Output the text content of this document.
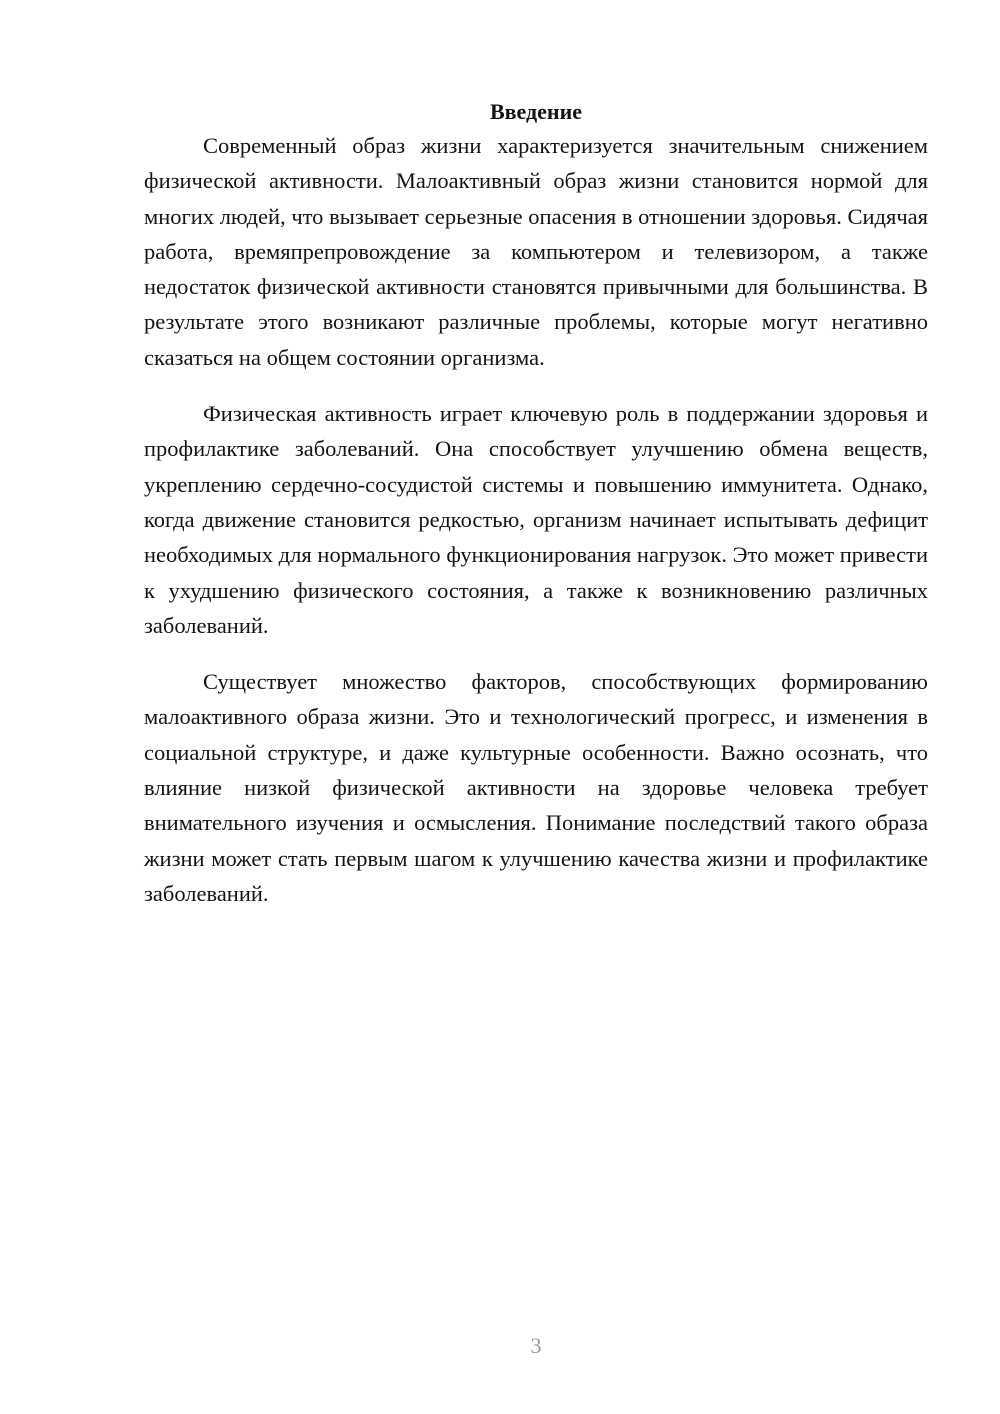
Введение

Современный образ жизни характеризуется значительным снижением физической активности. Малоактивный образ жизни становится нормой для многих людей, что вызывает серьезные опасения в отношении здоровья. Сидячая работа, времяпрепровождение за компьютером и телевизором, а также недостаток физической активности становятся привычными для большинства. В результате этого возникают различные проблемы, которые могут негативно сказаться на общем состоянии организма.

Физическая активность играет ключевую роль в поддержании здоровья и профилактике заболеваний. Она способствует улучшению обмена веществ, укреплению сердечно-сосудистой системы и повышению иммунитета. Однако, когда движение становится редкостью, организм начинает испытывать дефицит необходимых для нормального функционирования нагрузок. Это может привести к ухудшению физического состояния, а также к возникновению различных заболеваний.

Существует множество факторов, способствующих формированию малоактивного образа жизни. Это и технологический прогресс, и изменения в социальной структуре, и даже культурные особенности. Важно осознать, что влияние низкой физической активности на здоровье человека требует внимательного изучения и осмысления. Понимание последствий такого образа жизни может стать первым шагом к улучшению качества жизни и профилактике заболеваний.

3
